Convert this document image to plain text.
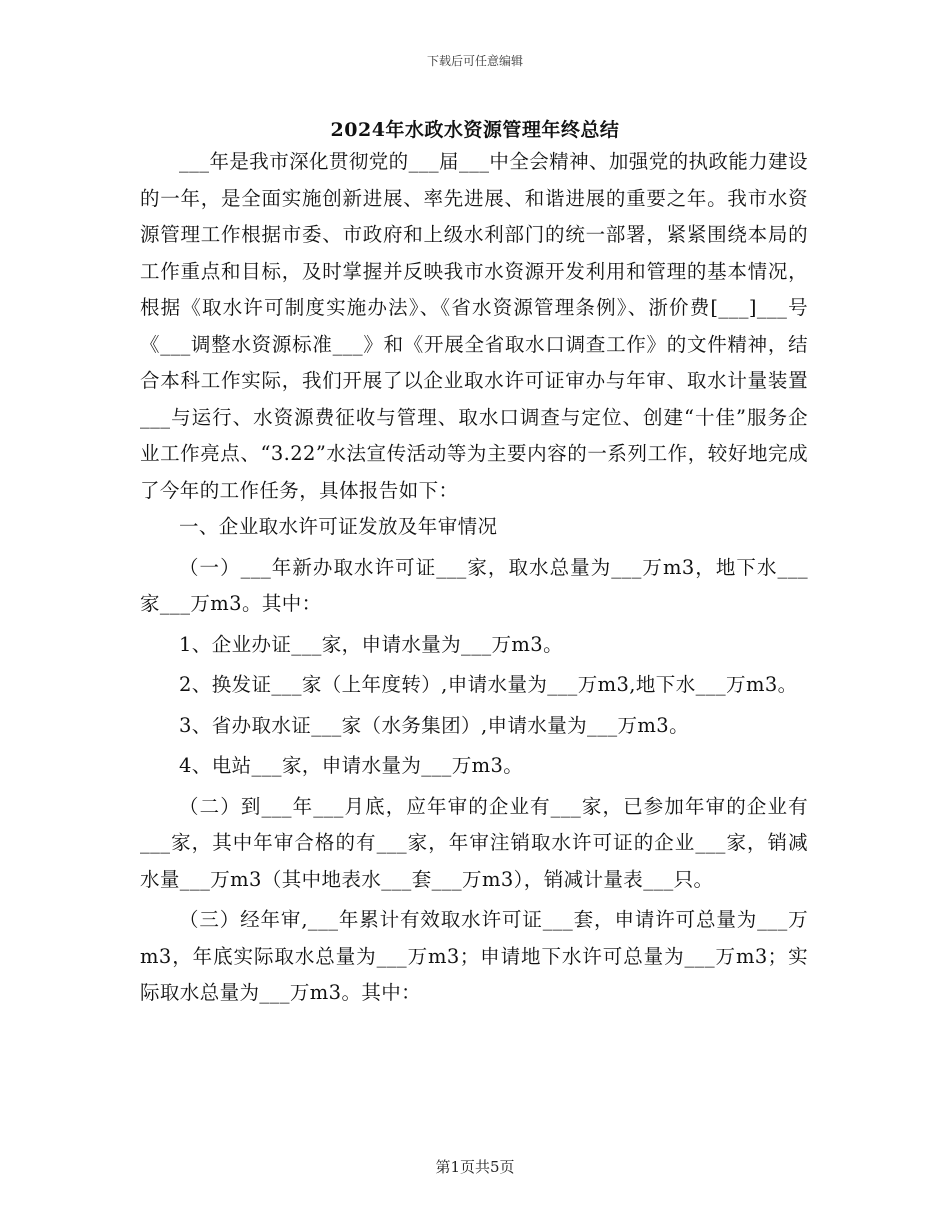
下载后可任意编辑
2024年水政水资源管理年终总结

___年是我市深化贯彻党的___届___中全会精神、加强党的执政能力建设的一年，是全面实施创新进展、率先进展、和谐进展的重要之年。我市水资源管理工作根据市委、市政府和上级水利部门的统一部署，紧紧围绕本局的工作重点和目标，及时掌握并反映我市水资源开发利用和管理的基本情况，根据《取水许可制度实施办法》、《省水资源管理条例》、浙价费[___]___号《___调整水资源标准___》和《开展全省取水口调查工作》的文件精神，结合本科工作实际，我们开展了以企业取水许可证审办与年审、取水计量装置___与运行、水资源费征收与管理、取水口调查与定位、创建“十佳”服务企业工作亮点、“3.22”水法宣传活动等为主要内容的一系列工作，较好地完成了今年的工作任务，具体报告如下：

一、企业取水许可证发放及年审情况

（一）___年新办取水许可证___家，取水总量为___万m3，地下水___家___万m3。其中：

1、企业办证___家，申请水量为___万m3。

2、换发证___家（上年度转）,申请水量为___万m3,地下水___万m3。

3、省办取水证___家（水务集团）,申请水量为___万m3。

4、电站___家，申请水量为___万m3。

（二）到___年___月底，应年审的企业有___家，已参加年审的企业有___家，其中年审合格的有___家，年审注销取水许可证的企业___家，销减水量___万m3（其中地表水___套___万m3），销减计量表___只。

（三）经年审,___年累计有效取水许可证___套，申请许可总量为___万m3，年底实际取水总量为___万m3；申请地下水许可总量为___万m3；实际取水总量为___万m3。其中：

第1页共5页
